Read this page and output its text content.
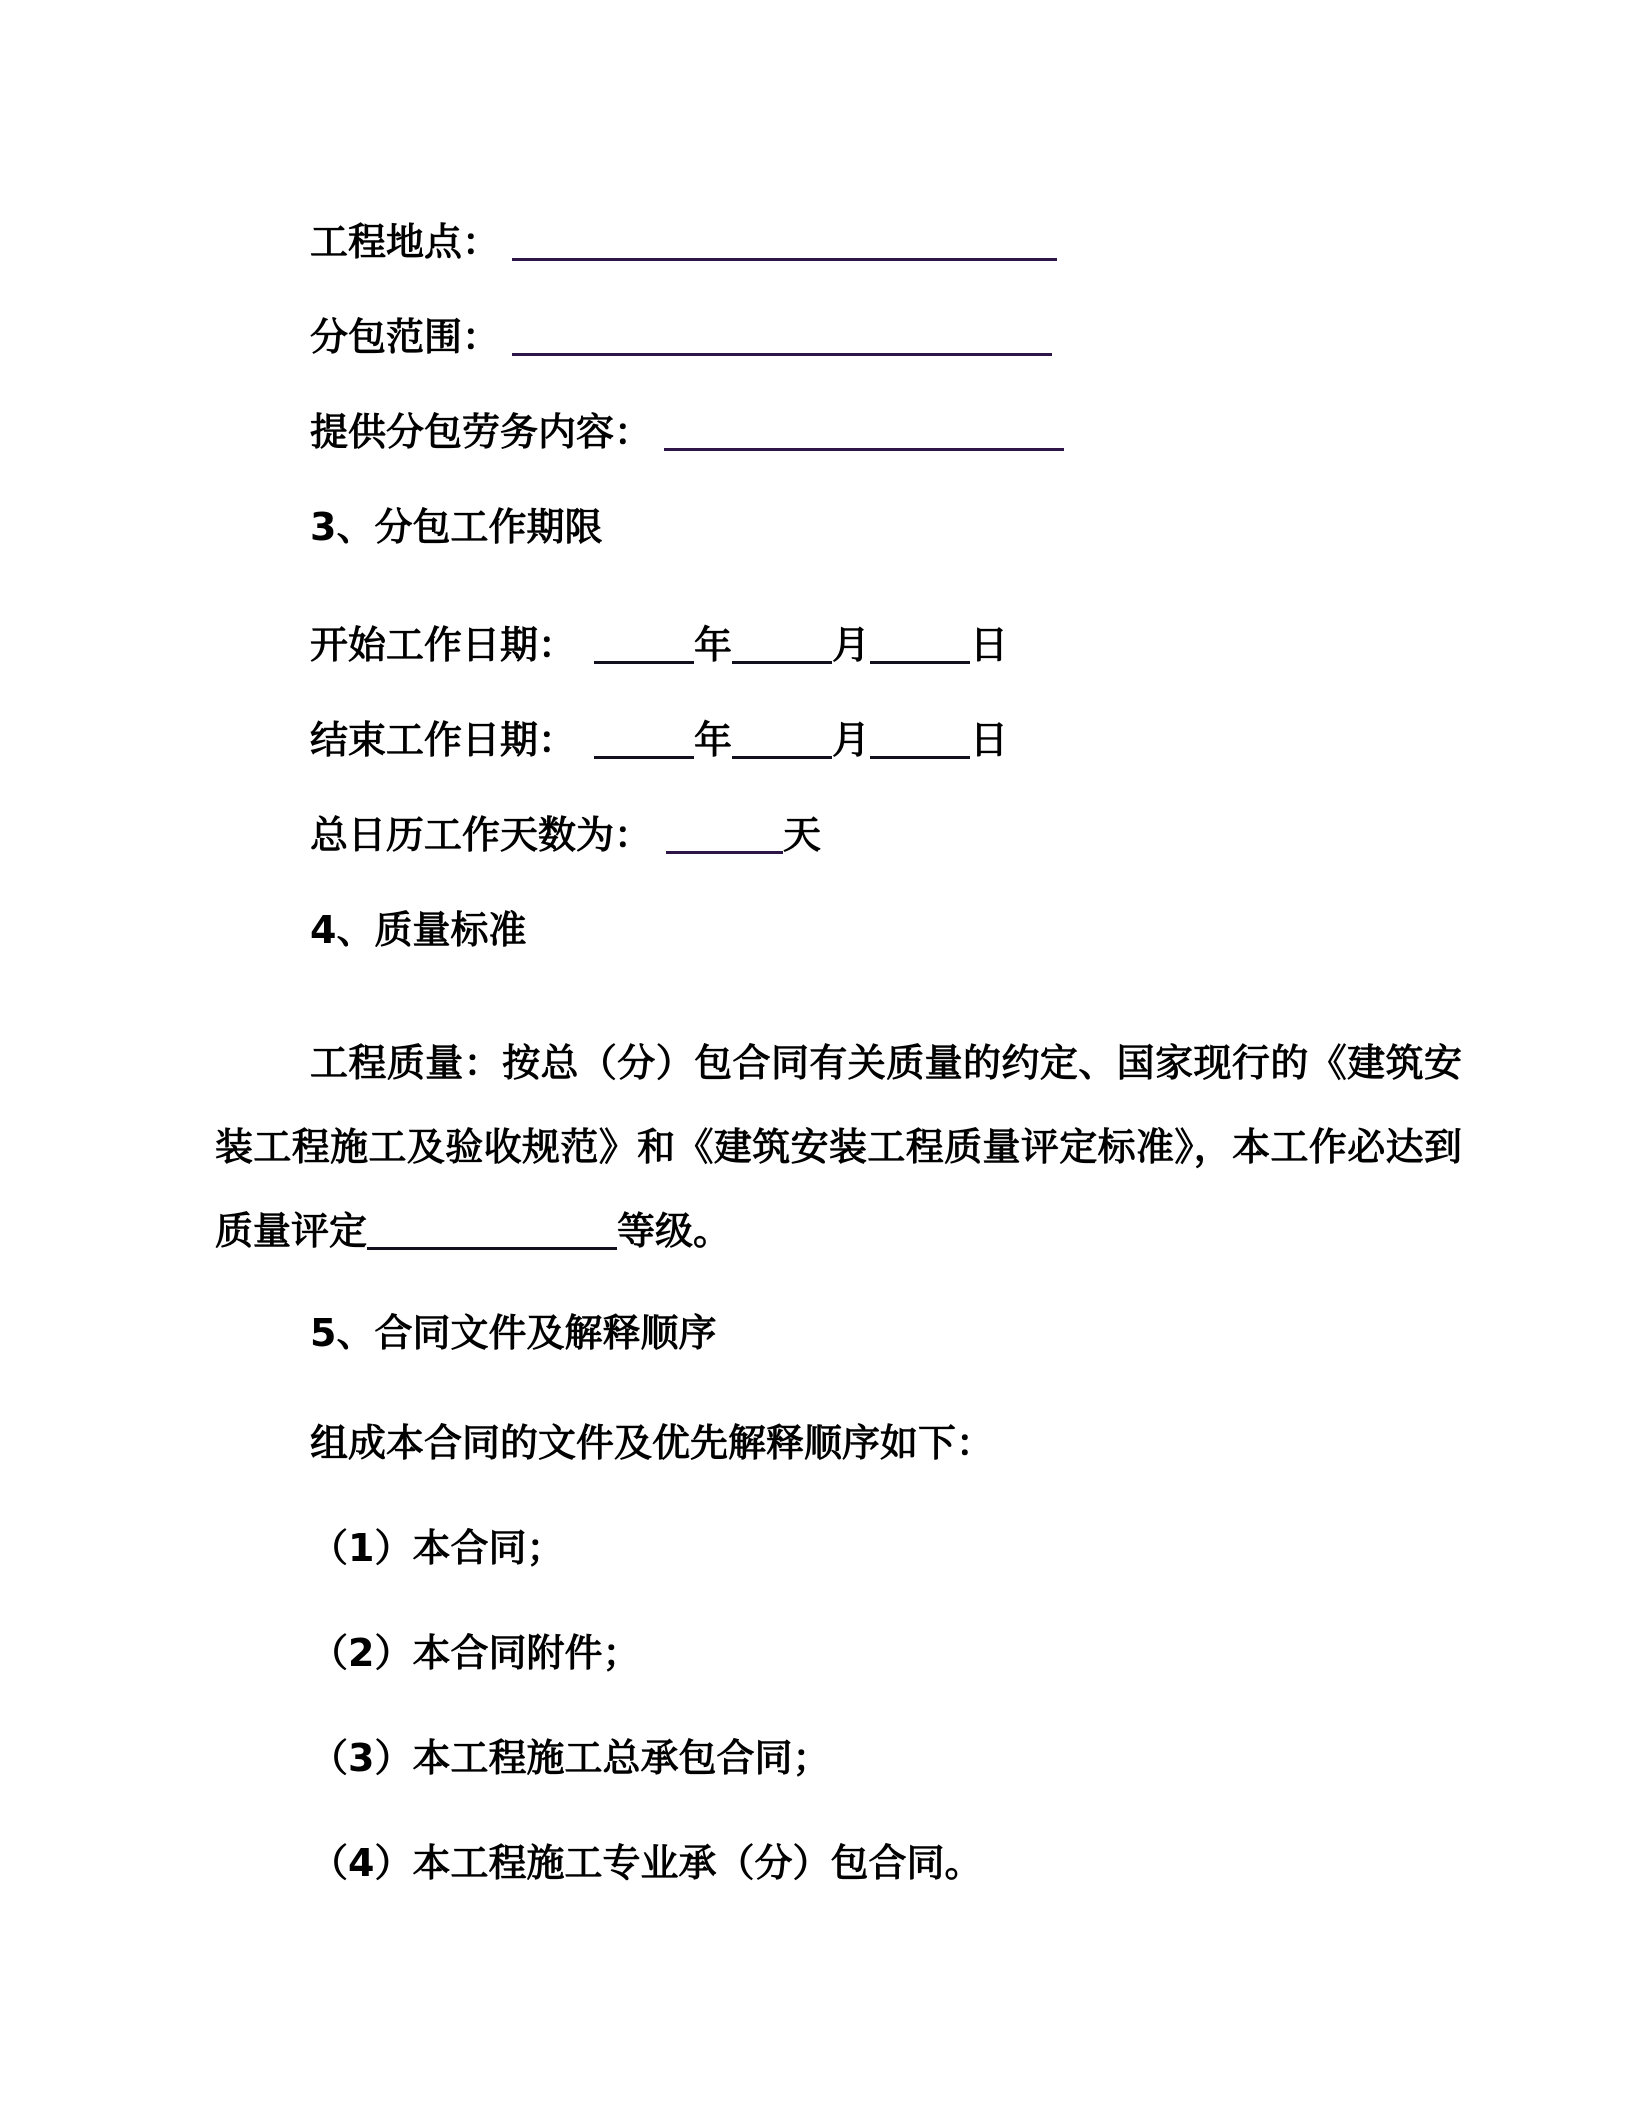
工程地点：

分包范围：

提供分包劳务内容：

3、分包工作期限

开始工作日期：	年	月	日

结束工作日期：	年	月	日

总日历工作天数为：	天

4、质量标准

工程质量：按总（分）包合同有关质量的约定、国家现行的《建筑安装工程施工及验收规范》和《建筑安装工程质量评定标准》，本工作必达到质量评定	等级。

5、合同文件及解释顺序

组成本合同的文件及优先解释顺序如下：

（1）本合同；

（2）本合同附件；

（3）本工程施工总承包合同；

（4）本工程施工专业承（分）包合同。
